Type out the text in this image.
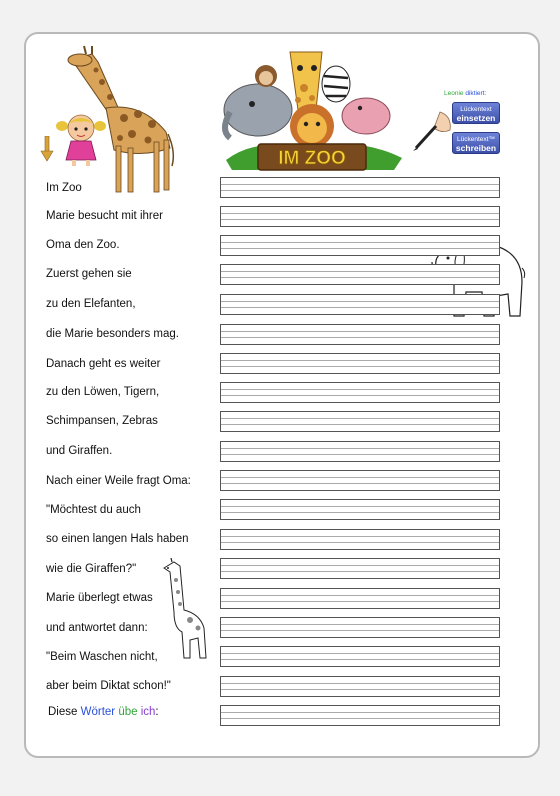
IM ZOO
Leonie diktiert:
Lückentext
einsetzen
Lückentext™
schreiben
Im Zoo
Marie besucht mit ihrer
Oma den Zoo.
Zuerst gehen sie
zu den Elefanten,
die Marie besonders mag.
Danach geht es weiter
zu den Löwen, Tigern,
Schimpansen, Zebras
und Giraffen.
Nach einer Weile fragt Oma:
"Möchtest du auch
so einen langen Hals haben
wie die Giraffen?"
Marie überlegt etwas
und antwortet dann:
"Beim Waschen nicht,
aber beim Diktat schon!"
Diese Wörter übe ich:
